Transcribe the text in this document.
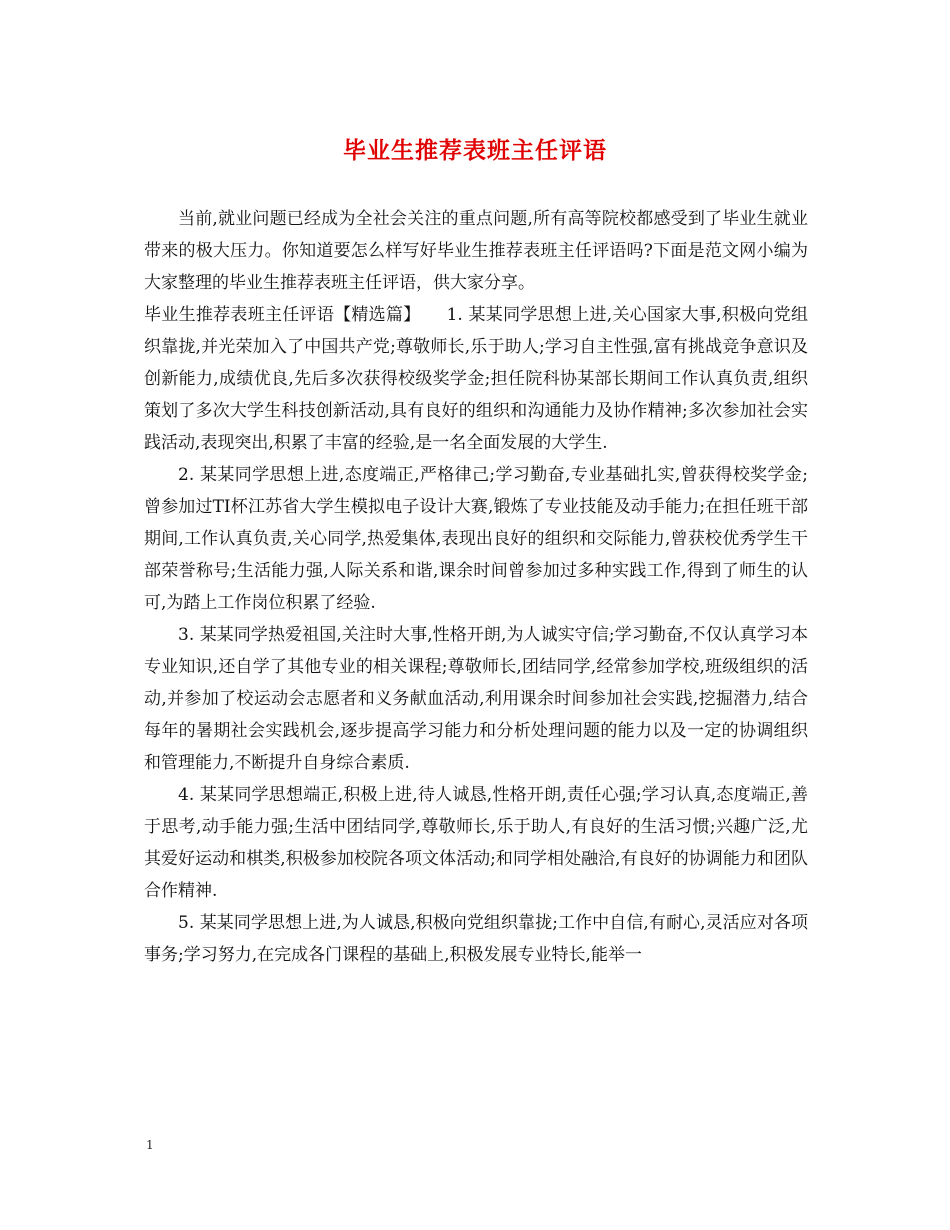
毕业生推荐表班主任评语

当前,就业问题已经成为全社会关注的重点问题,所有高等院校都感受到了毕业生就业带来的极大压力。你知道要怎么样写好毕业生推荐表班主任评语吗?下面是范文网小编为大家整理的毕业生推荐表班主任评语，供大家分享。

毕业生推荐表班主任评语【精选篇】　　1. 某某同学思想上进,关心国家大事,积极向党组织靠拢,并光荣加入了中国共产党;尊敬师长,乐于助人;学习自主性强,富有挑战竞争意识及创新能力,成绩优良,先后多次获得校级奖学金;担任院科协某部长期间工作认真负责,组织策划了多次大学生科技创新活动,具有良好的组织和沟通能力及协作精神;多次参加社会实践活动,表现突出,积累了丰富的经验,是一名全面发展的大学生.

2. 某某同学思想上进,态度端正,严格律己;学习勤奋,专业基础扎实,曾获得校奖学金;曾参加过TI杯江苏省大学生模拟电子设计大赛,锻炼了专业技能及动手能力;在担任班干部期间,工作认真负责,关心同学,热爱集体,表现出良好的组织和交际能力,曾获校优秀学生干部荣誉称号;生活能力强,人际关系和谐,课余时间曾参加过多种实践工作,得到了师生的认可,为踏上工作岗位积累了经验.

3. 某某同学热爱祖国,关注时大事,性格开朗,为人诚实守信;学习勤奋,不仅认真学习本专业知识,还自学了其他专业的相关课程;尊敬师长,团结同学,经常参加学校,班级组织的活动,并参加了校运动会志愿者和义务献血活动,利用课余时间参加社会实践,挖掘潜力,结合每年的暑期社会实践机会,逐步提高学习能力和分析处理问题的能力以及一定的协调组织和管理能力,不断提升自身综合素质.

4. 某某同学思想端正,积极上进,待人诚恳,性格开朗,责任心强;学习认真,态度端正,善于思考,动手能力强;生活中团结同学,尊敬师长,乐于助人,有良好的生活习惯;兴趣广泛,尤其爱好运动和棋类,积极参加校院各项文体活动;和同学相处融洽,有良好的协调能力和团队合作精神.

5. 某某同学思想上进,为人诚恳,积极向党组织靠拢;工作中自信,有耐心,灵活应对各项事务;学习努力,在完成各门课程的基础上,积极发展专业特长,能举一

1
